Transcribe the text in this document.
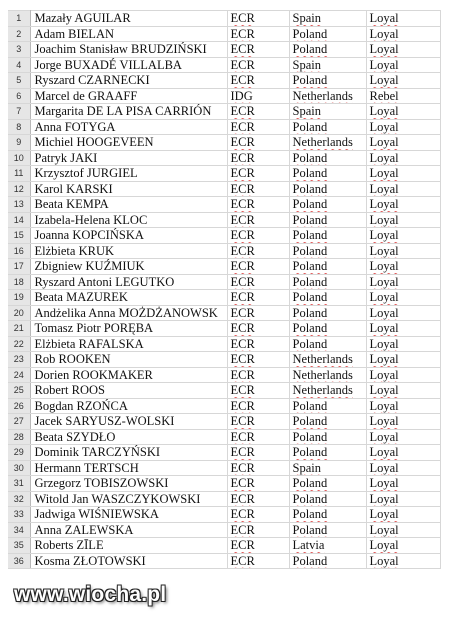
1	Mazały AGUILAR	ECR	Spain	Loyal
2	Adam BIELAN	ECR	Poland	Loyal
3	Joachim Stanisław BRUDZIŃSKI	ECR	Poland	Loyal
4	Jorge BUXADÉ VILLALBA	ECR	Spain	Loyal
5	Ryszard CZARNECKI	ECR	Poland	Loyal
6	Marcel de GRAAFF	IDG	Netherlands	Rebel
7	Margarita DE LA PISA CARRIÓN	ECR	Spain	Loyal
8	Anna FOTYGA	ECR	Poland	Loyal
9	Michiel HOOGEVEEN	ECR	Netherlands	Loyal
10	Patryk JAKI	ECR	Poland	Loyal
11	Krzysztof JURGIEL	ECR	Poland	Loyal
12	Karol KARSKI	ECR	Poland	Loyal
13	Beata KEMPA	ECR	Poland	Loyal
14	Izabela-Helena KLOC	ECR	Poland	Loyal
15	Joanna KOPCIŃSKA	ECR	Poland	Loyal
16	Elżbieta KRUK	ECR	Poland	Loyal
17	Zbigniew KUŹMIUK	ECR	Poland	Loyal
18	Ryszard Antoni LEGUTKO	ECR	Poland	Loyal
19	Beata MAZUREK	ECR	Poland	Loyal
20	Andżelika Anna MOŻDŻANOWSK	ECR	Poland	Loyal
21	Tomasz Piotr PORĘBA	ECR	Poland	Loyal
22	Elżbieta RAFALSKA	ECR	Poland	Loyal
23	Rob ROOKEN	ECR	Netherlands	Loyal
24	Dorien ROOKMAKER	ECR	Netherlands	Loyal
25	Robert ROOS	ECR	Netherlands	Loyal
26	Bogdan RZOŃCA	ECR	Poland	Loyal
27	Jacek SARYUSZ-WOLSKI	ECR	Poland	Loyal
28	Beata SZYDŁO	ECR	Poland	Loyal
29	Dominik TARCZYŃSKI	ECR	Poland	Loyal
30	Hermann TERTSCH	ECR	Spain	Loyal
31	Grzegorz TOBISZOWSKI	ECR	Poland	Loyal
32	Witold Jan WASZCZYKOWSKI	ECR	Poland	Loyal
33	Jadwiga WIŚNIEWSKA	ECR	Poland	Loyal
34	Anna ZALEWSKA	ECR	Poland	Loyal
35	Roberts ZĪLE	ECR	Latvia	Loyal
36	Kosma ZŁOTOWSKI	ECR	Poland	Loyal
www.wiocha.pl
